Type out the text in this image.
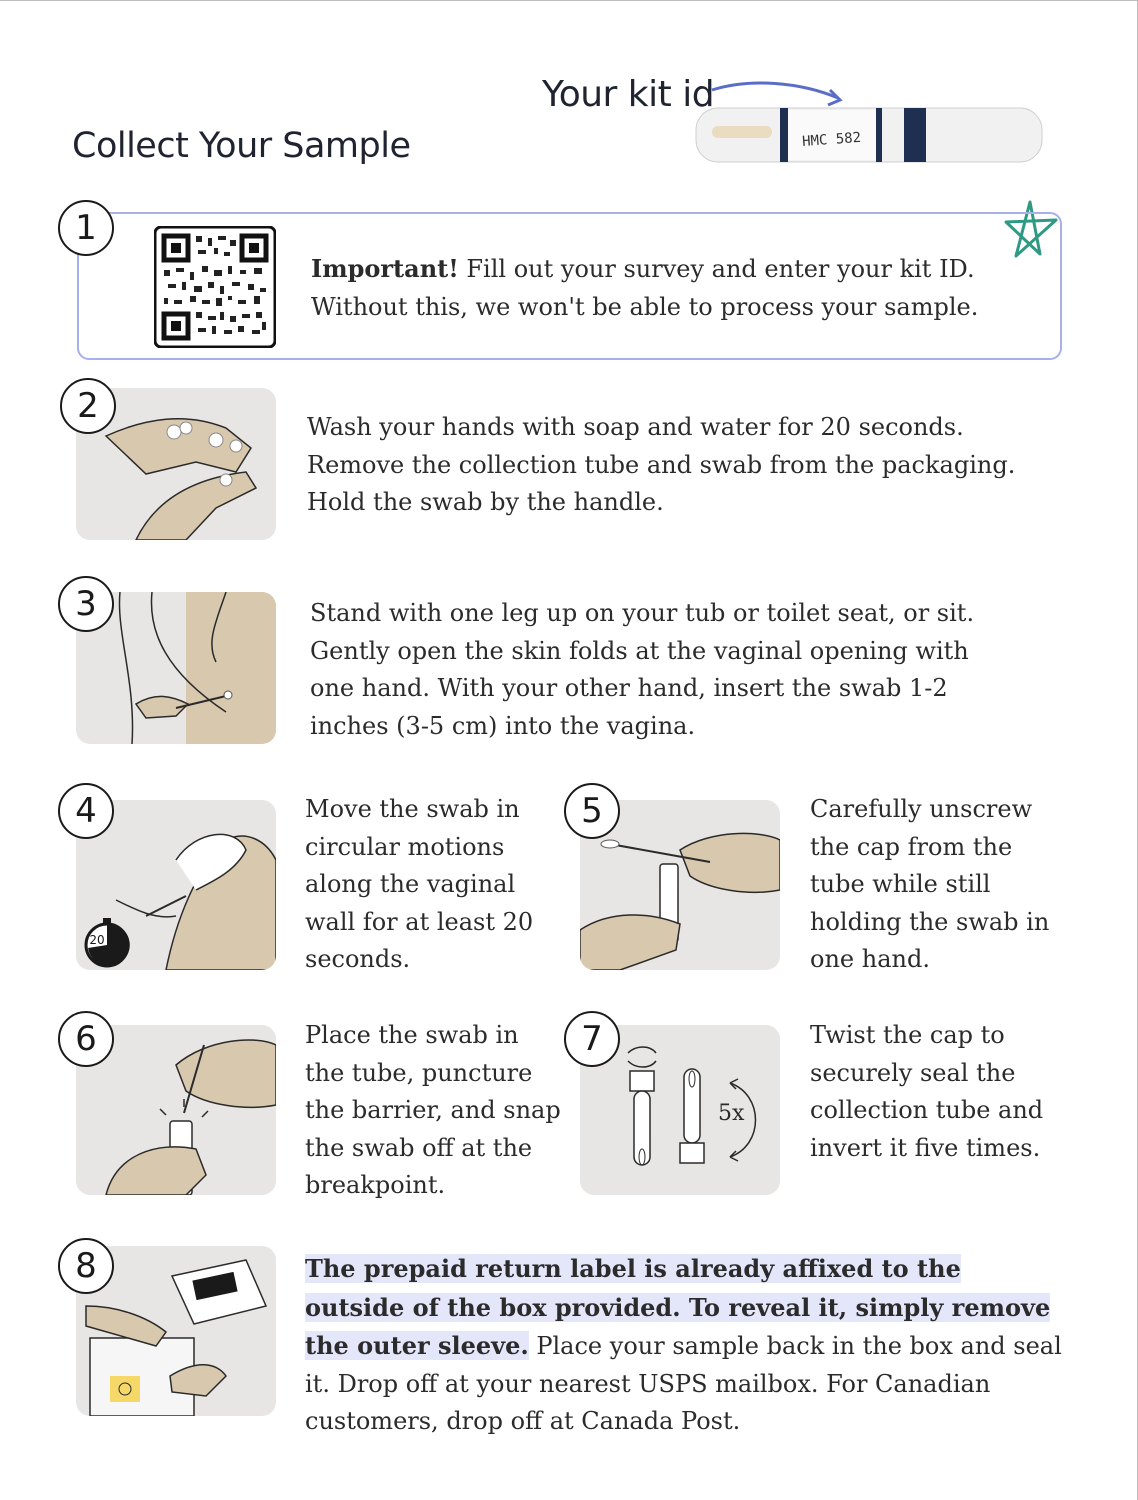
Your kit id
Collect Your Sample	HMC 582
1
Important! Fill out your survey and enter your kit ID. Without this, we won't be able to process your sample.
2
Wash your hands with soap and water for 20 seconds. Remove the collection tube and swab from the packaging. Hold the swab by the handle.
3	Stand with one leg up on your tub or toilet seat, or sit. Gently open the skin folds at the vaginal opening with one hand. With your other hand, insert the swab 1-2 inches (3-5 cm) into the vagina.
4
20
Move the swab in circular motions along the vaginal wall for at least 20 seconds.
5	Carefully unscrew the cap from the tube while still holding the swab in one hand.
6	Place the swab in the tube, puncture the barrier, and snap the swab off at the breakpoint.
7
5x
Twist the cap to securely seal the collection tube and invert it five times.
8	The prepaid return label is already affixed to the outside of the box provided. To reveal it, simply remove the outer sleeve. Place your sample back in the box and seal it. Drop off at your nearest USPS mailbox. For Canadian customers, drop off at Canada Post.
